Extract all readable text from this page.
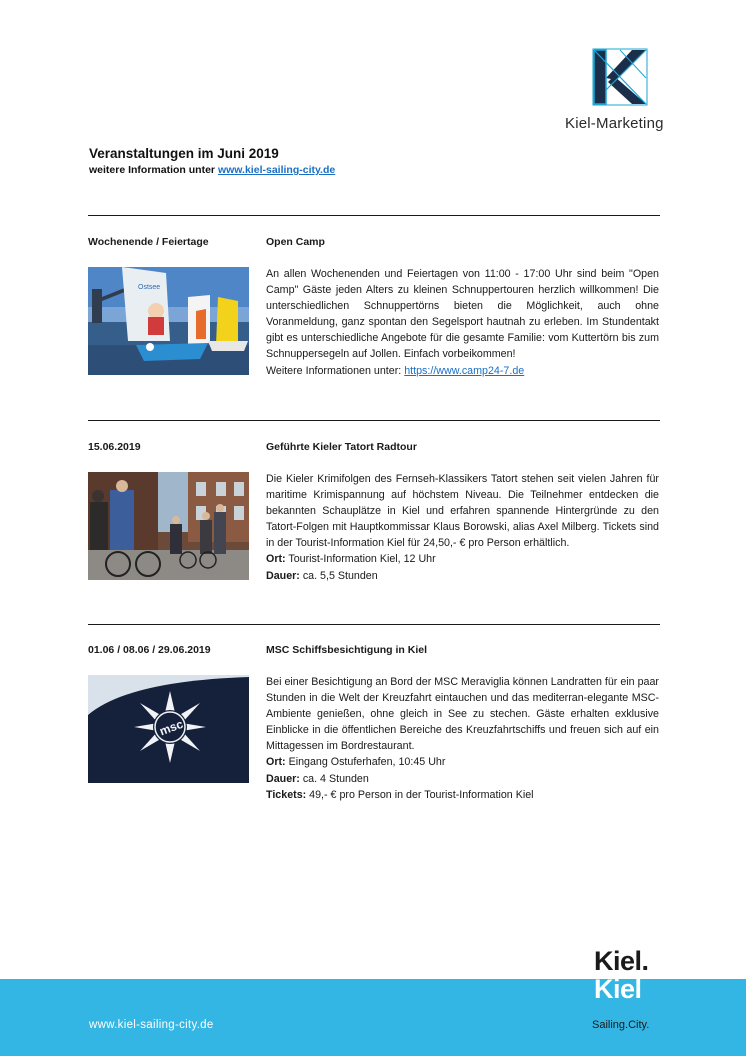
Kiel-Marketing
Veranstaltungen im Juni 2019
weitere Information unter www.kiel-sailing-city.de
Wochenende / Feiertage	Open Camp
Ostsee

An allen Wochenenden und Feiertagen von 11:00 - 17:00 Uhr sind beim "Open Camp" Gäste jeden Alters zu kleinen Schnuppertouren herzlich willkommen! Die unterschiedlichen Schnuppertörns bieten die Möglichkeit, auch ohne Voranmeldung, ganz spontan den Segelsport hautnah zu erleben. Im Stundentakt gibt es unterschiedliche Angebote für die gesamte Familie: vom Kuttertörn bis zum Schnuppersegeln auf Jollen. Einfach vorbeikommen!

Weitere Informationen unter: https://www.camp24-7.de

15.06.2019	Geführte Kieler Tatort Radtour

Die Kieler Krimifolgen des Fernseh-Klassikers Tatort stehen seit vielen Jahren für maritime Krimispannung auf höchstem Niveau. Die Teilnehmer entdecken die bekannten Schauplätze in Kiel und erfahren spannende Hintergründe zu den Tatort-Folgen mit Hauptkommissar Klaus Borowski, alias Axel Milberg. Tickets sind in der Tourist-Information Kiel für 24,50,- € pro Person erhältlich.

Ort: Tourist-Information Kiel, 12 Uhr

Dauer: ca. 5,5 Stunden

01.06 / 08.06 / 29.06.2019	MSC Schiffsbesichtigung in Kiel
msc

Bei einer Besichtigung an Bord der MSC Meraviglia können Landratten für ein paar Stunden in die Welt der Kreuzfahrt eintauchen und das mediterran-elegante MSC-Ambiente genießen, ohne gleich in See zu stechen. Gäste erhalten exklusive Einblicke in die öffentlichen Bereiche des Kreuzfahrtschiffs und freuen sich auf ein Mittagessen im Bordrestaurant.

Ort: Eingang Ostuferhafen, 10:45 Uhr

Dauer: ca. 4 Stunden

Tickets: 49,- € pro Person in der Tourist-Information Kiel

www.kiel-sailing-city.de
Kiel.
Kiel
Sailing.City.
